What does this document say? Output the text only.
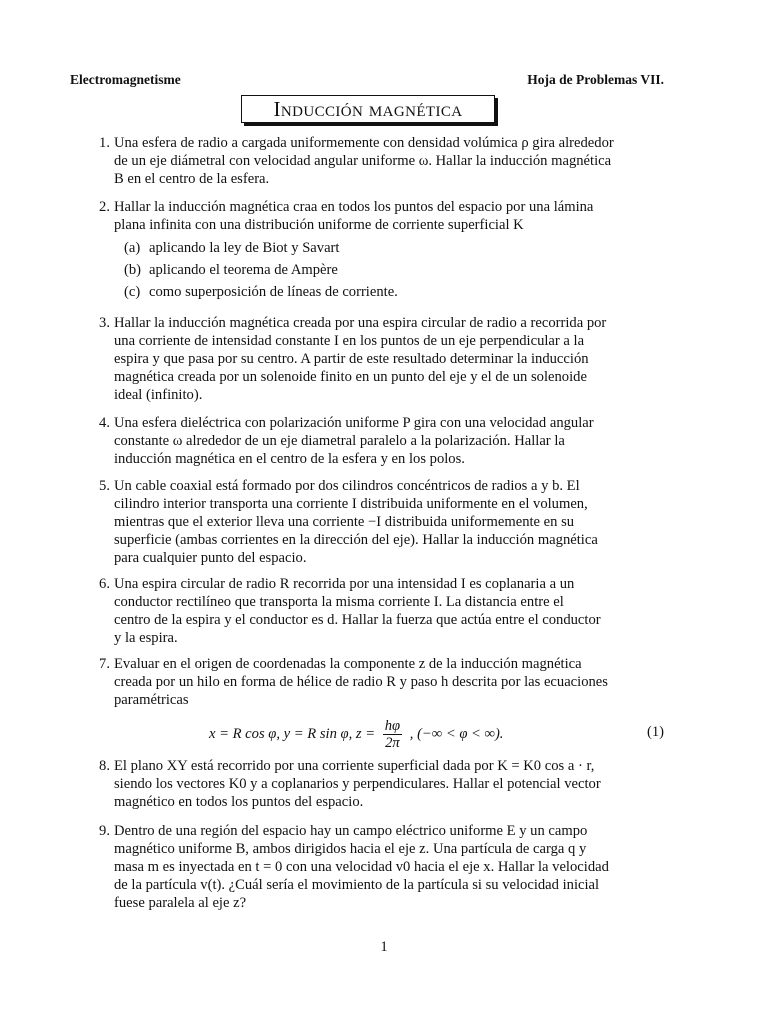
Electromagnetisme	Hoja de Problemas VII.
Inducción magnética
1. Una esfera de radio a cargada uniformemente con densidad volúmica ρ gira alrededor
de un eje diámetral con velocidad angular uniforme ω. Hallar la inducción magnética
B en el centro de la esfera.
2. Hallar la inducción magnética craa en todos los puntos del espacio por una lámina
plana infinita con una distribución uniforme de corriente superficial K
(a) aplicando la ley de Biot y Savart
(b) aplicando el teorema de Ampère
(c) como superposición de líneas de corriente.
3. Hallar la inducción magnética creada por una espira circular de radio a recorrida por
una corriente de intensidad constante I en los puntos de un eje perpendicular a la
espira y que pasa por su centro. A partir de este resultado determinar la inducción
magnética creada por un solenoide finito en un punto del eje y el de un solenoide
ideal (infinito).
4. Una esfera dieléctrica con polarización uniforme P gira con una velocidad angular
constante ω alrededor de un eje diametral paralelo a la polarización. Hallar la
inducción magnética en el centro de la esfera y en los polos.
5. Un cable coaxial está formado por dos cilindros concéntricos de radios a y b. El
cilindro interior transporta una corriente I distribuida uniformente en el volumen,
mientras que el exterior lleva una corriente −I distribuida uniformemente en su
superficie (ambas corrientes en la dirección del eje). Hallar la inducción magnética
para cualquier punto del espacio.
6. Una espira circular de radio R recorrida por una intensidad I es coplanaria a un
conductor rectilíneo que transporta la misma corriente I. La distancia entre el
centro de la espira y el conductor es d. Hallar la fuerza que actúa entre el conductor
y la espira.
7. Evaluar en el origen de coordenadas la componente z de la inducción magnética
creada por un hilo en forma de hélice de radio R y paso h descrita por las ecuaciones
paramétricas
x = R cos φ, y = R sin φ, $z = \frac{h\varphi}{2\pi}$ , (−∞ < φ < ∞).	(1)
8. El plano XY está recorrido por una corriente superficial dada por K = K0 cos a · r,
siendo los vectores K0 y a coplanarios y perpendiculares. Hallar el potencial vector
magnético en todos los puntos del espacio.
9. Dentro de una región del espacio hay un campo eléctrico uniforme E y un campo
magnético uniforme B, ambos dirigidos hacia el eje z. Una partícula de carga q y
masa m es inyectada en t = 0 con una velocidad v0 hacia el eje x. Hallar la velocidad
de la partícula v(t). ¿Cuál sería el movimiento de la partícula si su velocidad inicial
fuese paralela al eje z?
1
